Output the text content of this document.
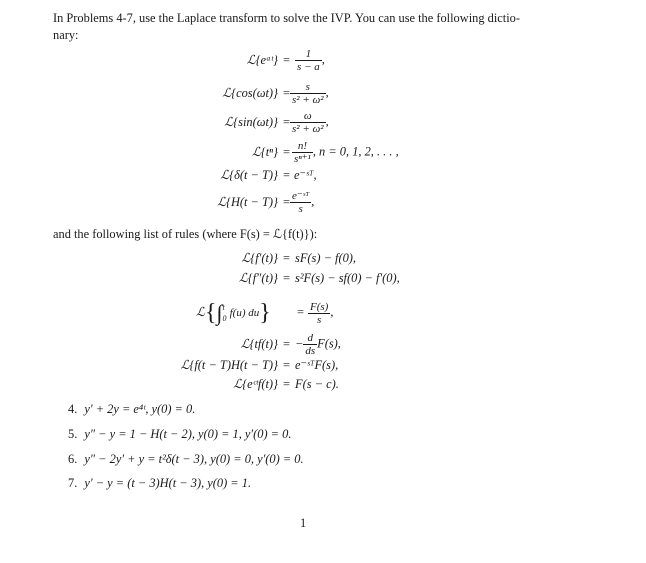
In Problems 4-7, use the Laplace transform to solve the IVP. You can use the following dictio-
nary:

ℒ{eᵃᵗ} = $\frac{1}{s - a}$ ,
ℒ{cos(ωt)} = $\frac{s}{\text{s² + ω²}}$ ,
ℒ{sin(ωt)} = $\frac{\omega}{\text{s² + ω²}}$ ,
ℒ{tⁿ} = $\frac{n!}{\text{sⁿ⁺¹}}$ , n = 0, 1, 2, . . . ,
ℒ{δ(t − T)} = e⁻ˢᵀ,
ℒ{H(t − $T)\} = \frac{\text{e⁻ˢᵀ}}{s}$ ,
and the following list of rules (where F(s) = ℒ{f(t)}):
ℒ{f′(t)} = sF(s) − f(0),
ℒ{f″(t)} = s²F(s) − sf(0) − f′(0),
ℒ{∫ t
0 f(u) du}	= $\frac{F(s)}{s}$ ,
ℒ{tf(t)} = − $\frac{d}{ds} F(s)$,
ℒ{f(t − T)H(t − T)} = e⁻ˢᵀF(s),
ℒ{eᶜᵗf(t)} = F(s − c).
4. y′ + 2y = e⁴ᵗ, y(0) = 0.
5. y″ − y = 1 − H(t − 2), y(0) = 1, y′(0) = 0.
6. y″ − 2y′ + y = t²δ(t − 3), y(0) = 0, y′(0) = 0.
7. y′ − y = (t − 3)H(t − 3), y(0) = 1.
1
